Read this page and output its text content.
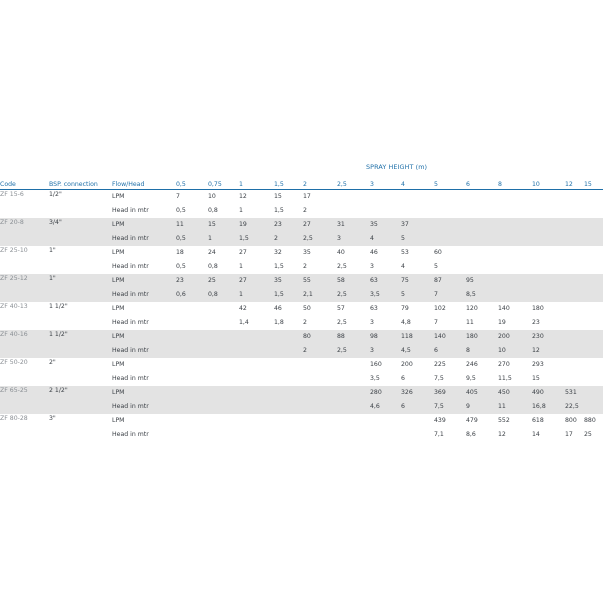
SPRAY HEIGHT (m)
Code	BSP. connection	Flow/Head	0,5	0,75	1	1,5	2	2,5	3	4	5	6	8	10	12	15
ZF 15-6	1/2"	LPM	7	10	12	15	17									
		Head in mtr	0,5	0,8	1	1,5	2									
ZF 20-8	3/4"	LPM	11	15	19	23	27	31	35	37						
		Head in mtr	0,5	1	1,5	2	2,5	3	4	5						
ZF 25-10	1"	LPM	18	24	27	32	35	40	46	53	60					
		Head in mtr	0,5	0,8	1	1,5	2	2,5	3	4	5					
ZF 25-12	1"	LPM	23	25	27	35	55	58	63	75	87	95				
		Head in mtr	0,6	0,8	1	1,5	2,1	2,5	3,5	5	7	8,5				
ZF 40-13	1 1/2"	LPM			42	46	50	57	63	79	102	120	140	180		
		Head in mtr			1,4	1,8	2	2,5	3	4,8	7	11	19	23		
ZF 40-16	1 1/2"	LPM					80	88	98	118	140	180	200	230		
		Head in mtr					2	2,5	3	4,5	6	8	10	12		
ZF 50-20	2"	LPM							160	200	225	246	270	293		
		Head in mtr							3,5	6	7,5	9,5	11,5	15		
ZF 65-25	2 1/2"	LPM							280	326	369	405	450	490	531	
		Head in mtr							4,6	6	7,5	9	11	16,8	22,5	
ZF 80-28	3"	LPM									439	479	552	618	800	880
		Head in mtr									7,1	8,6	12	14	17	25
